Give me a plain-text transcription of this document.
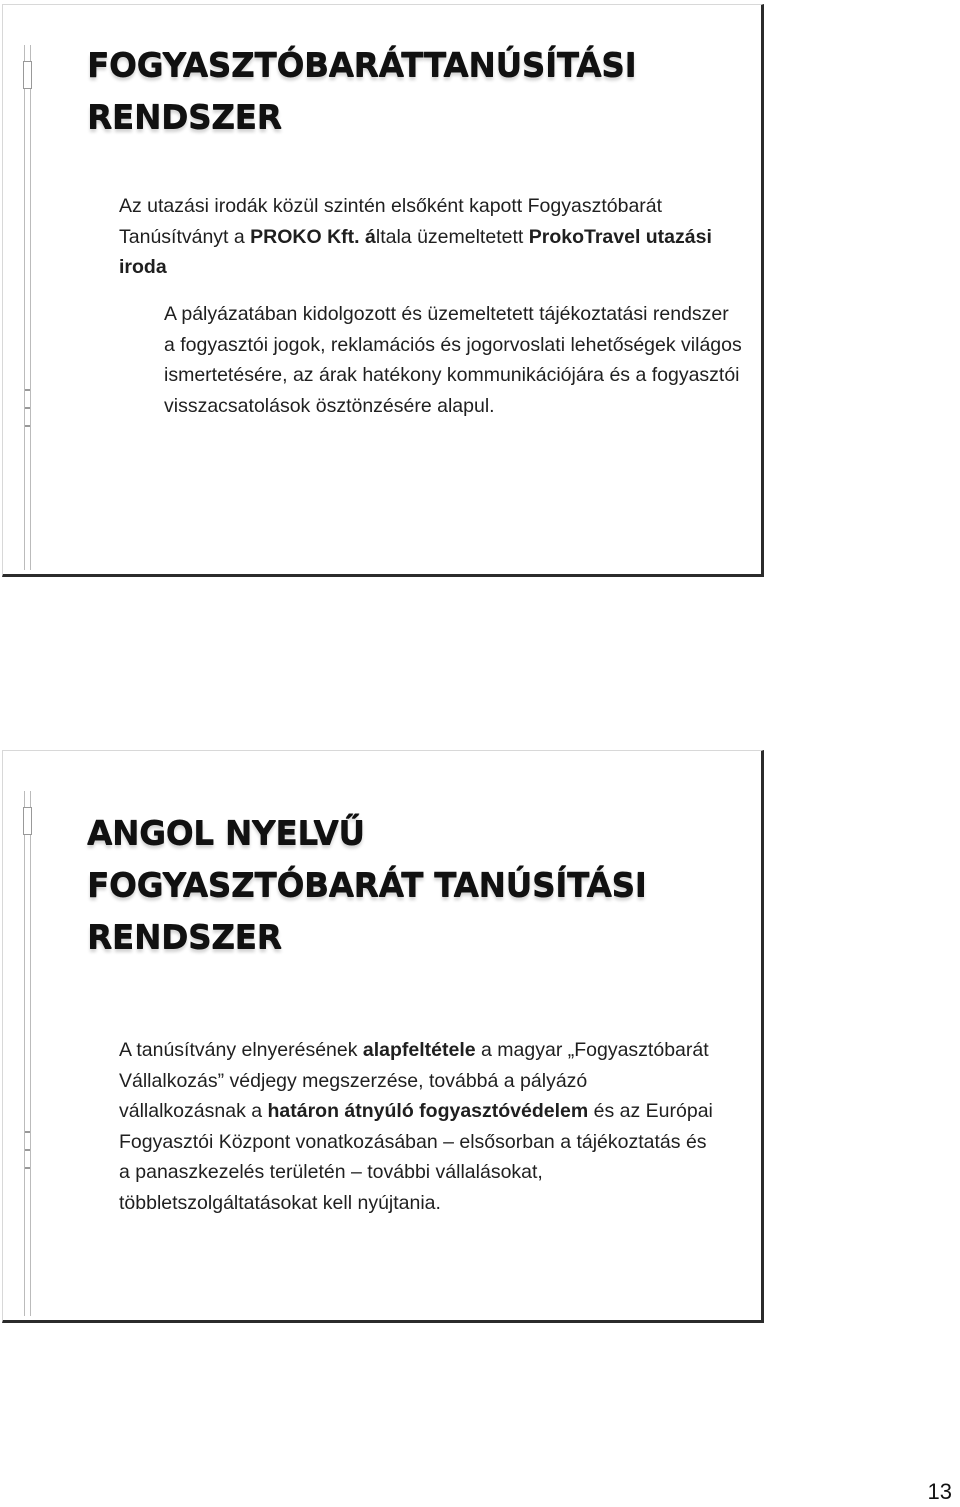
FOGYASZTÓBARÁTTANÚSÍTÁSI
RENDSZER
Az utazási irodák közül szintén elsőként kapott Fogyasztóbarát Tanúsítványt a PROKO Kft. általa üzemeltetett ProkoTravel utazási iroda
A pályázatában kidolgozott és üzemeltetett tájékoztatási rendszer a fogyasztói jogok, reklamációs és jogorvoslati lehetőségek világos ismertetésére, az árak hatékony kommunikációjára és a fogyasztói visszacsatolások ösztönzésére alapul.
ANGOL NYELVŰ
FOGYASZTÓBARÁT TANÚSÍTÁSI
RENDSZER
A tanúsítvány elnyerésének alapfeltétele a magyar „Fogyasztóbarát Vállalkozás” védjegy megszerzése, továbbá a pályázó vállalkozásnak a határon átnyúló fogyasztóvédelem és az Európai Fogyasztói Központ vonatkozásában – elsősorban a tájékoztatás és a panaszkezelés területén – további vállalásokat, többletszolgáltatásokat kell nyújtania.
13
